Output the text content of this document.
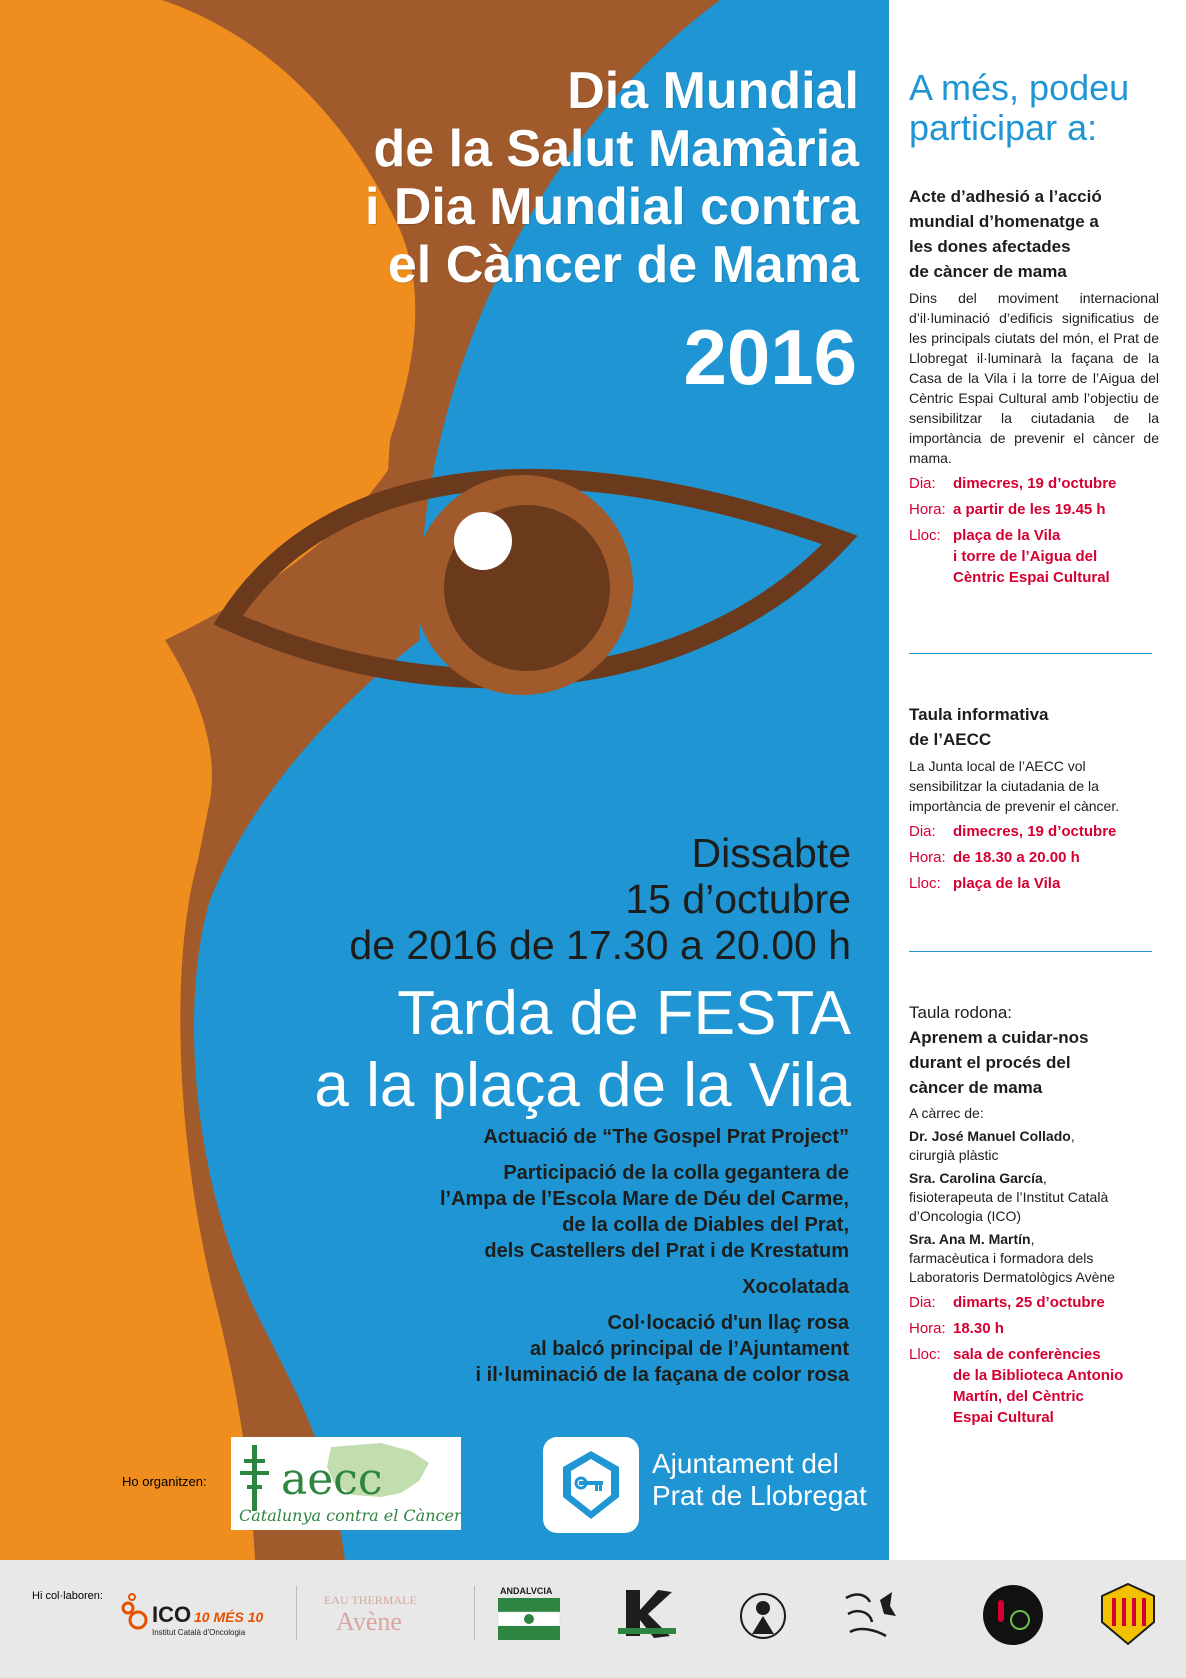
Dia Mundial
de la Salut Mamària
i Dia Mundial contra
el Càncer de Mama
2016
Dissabte
15 d’octubre
de 2016 de 17.30 a 20.00 h
Tarda de FESTA
a la plaça de la Vila
Actuació de “The Gospel Prat Project”
Participació de la colla gegantera de
l’Ampa de l’Escola Mare de Déu del Carme,
de la colla de Diables del Prat,
dels Castellers del Prat i de Krestatum
Xocolatada
Col·locació d'un llaç rosa
al balcó principal de l’Ajuntament
i il·luminació de la façana de color rosa
Ho organitzen: aecc
Catalunya contra el Càncer
Ajuntament del
Prat de Llobregat
A més, podeu
participar a:
Acte d’adhesió a l’acció
mundial d’homenatge a
les dones afectades
de càncer de mama
Dins del moviment internacional d’il·luminació d’edificis significatius de les principals ciutats del món, el Prat de Llobregat il·luminarà la façana de la Casa de la Vila i la torre de l’Aigua del Cèntric Espai Cultural amb l’objectiu de sensibilitzar la ciutadania de la importància de prevenir el càncer de mama.
Dia:	dimecres, 19 d’octubre
Hora: a partir de les 19.45 h
Lloc: plaça de la Vila
i torre de l’Aigua del
Cèntric Espai Cultural
Taula informativa
de l’AECC
La Junta local de l’AECC vol sensibilitzar la ciutadania de la importància de prevenir el càncer.
Dia:	dimecres, 19 d’octubre
Hora: de 18.30 a 20.00 h
Lloc: plaça de la Vila
Taula rodona:
Aprenem a cuidar-nos
durant el procés del
càncer de mama
A càrrec de:
Dr. José Manuel Collado,
cirurgià plàstic
Sra. Carolina García,
fisioterapeuta de l’Institut Català d’Oncologia (ICO)
Sra. Ana M. Martín,
farmacèutica i formadora dels Laboratoris Dermatològics Avène
Dia:	dimarts, 25 d’octubre
Hora: 18.30 h
Lloc: sala de conferències
de la Biblioteca Antonio
Martín, del Cèntric
Espai Cultural
Hi col·laboren:
ICO 10 MÉS 10
Institut Català d'Oncologia
EAU THERMALE
Avène
ANDALVCIA
